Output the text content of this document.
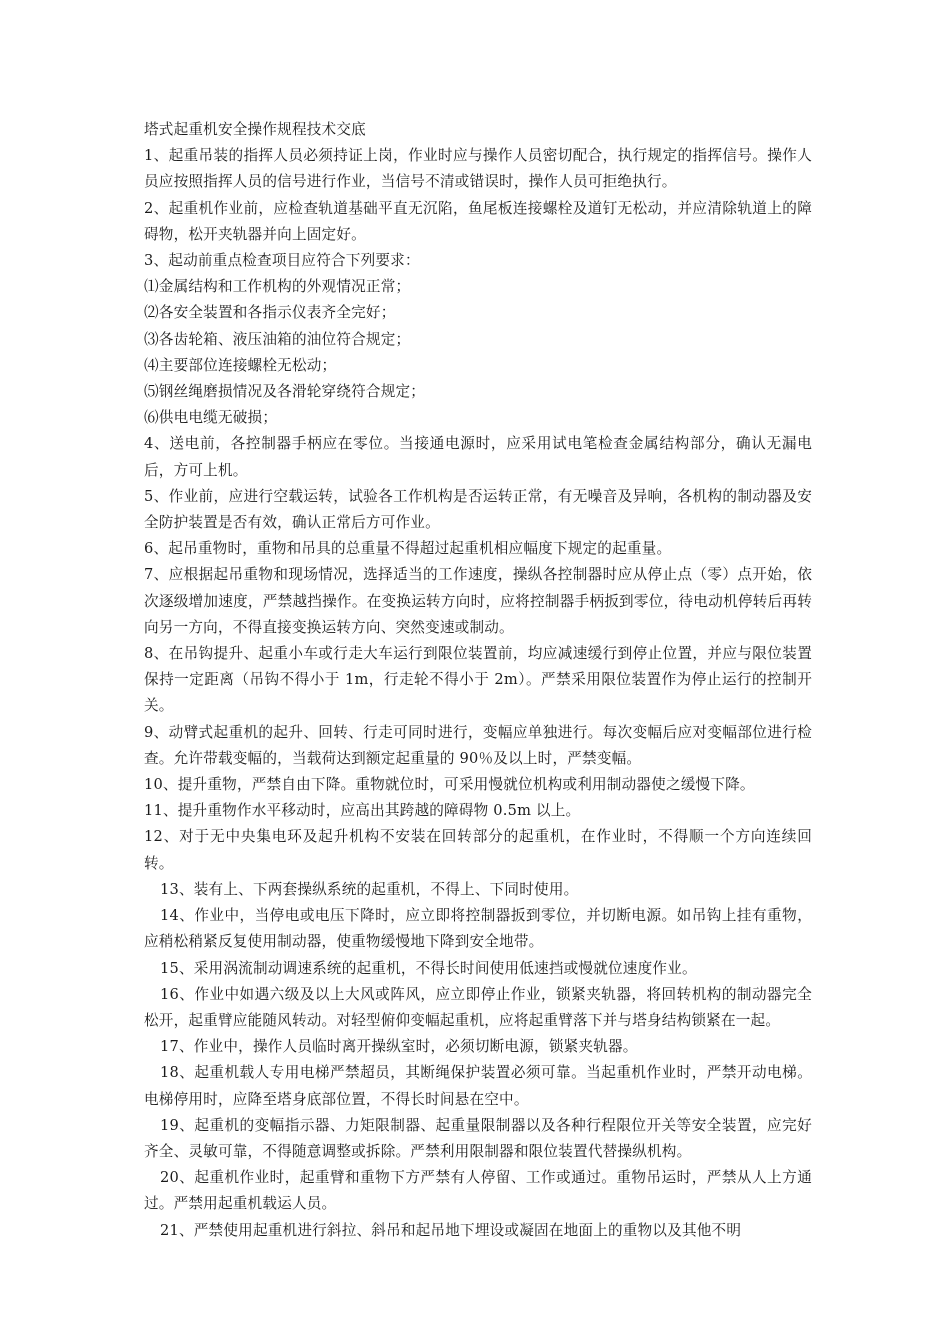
塔式起重机安全操作规程技术交底

1、起重吊装的指挥人员必须持证上岗，作业时应与操作人员密切配合，执行规定的指挥信号。操作人员应按照指挥人员的信号进行作业，当信号不清或错误时，操作人员可拒绝执行。

2、起重机作业前，应检查轨道基础平直无沉陷，鱼尾板连接螺栓及道钉无松动，并应清除轨道上的障碍物，松开夹轨器并向上固定好。

3、起动前重点检查项目应符合下列要求：

⑴金属结构和工作机构的外观情况正常；

⑵各安全装置和各指示仪表齐全完好；

⑶各齿轮箱、液压油箱的油位符合规定；

⑷主要部位连接螺栓无松动；

⑸钢丝绳磨损情况及各滑轮穿绕符合规定；

⑹供电电缆无破损；

4、送电前，各控制器手柄应在零位。当接通电源时，应采用试电笔检查金属结构部分，确认无漏电后，方可上机。

5、作业前，应进行空载运转，试验各工作机构是否运转正常，有无噪音及异响，各机构的制动器及安全防护装置是否有效，确认正常后方可作业。

6、起吊重物时，重物和吊具的总重量不得超过起重机相应幅度下规定的起重量。

7、应根据起吊重物和现场情况，选择适当的工作速度，操纵各控制器时应从停止点（零）点开始，依次逐级增加速度，严禁越挡操作。在变换运转方向时，应将控制器手柄扳到零位，待电动机停转后再转向另一方向，不得直接变换运转方向、突然变速或制动。

8、在吊钩提升、起重小车或行走大车运行到限位装置前，均应减速缓行到停止位置，并应与限位装置保持一定距离（吊钩不得小于 1m，行走轮不得小于 2m）。严禁采用限位装置作为停止运行的控制开关。

9、动臂式起重机的起升、回转、行走可同时进行，变幅应单独进行。每次变幅后应对变幅部位进行检查。允许带载变幅的，当载荷达到额定起重量的 90％及以上时，严禁变幅。

10、提升重物，严禁自由下降。重物就位时，可采用慢就位机构或利用制动器使之缓慢下降。

11、提升重物作水平移动时，应高出其跨越的障碍物 0.5m 以上。

12、对于无中央集电环及起升机构不安装在回转部分的起重机，在作业时，不得顺一个方向连续回转。

13、装有上、下两套操纵系统的起重机，不得上、下同时使用。

14、作业中，当停电或电压下降时，应立即将控制器扳到零位，并切断电源。如吊钩上挂有重物，应稍松稍紧反复使用制动器，使重物缓慢地下降到安全地带。

15、采用涡流制动调速系统的起重机，不得长时间使用低速挡或慢就位速度作业。

16、作业中如遇六级及以上大风或阵风，应立即停止作业，锁紧夹轨器，将回转机构的制动器完全松开，起重臂应能随风转动。对轻型俯仰变幅起重机，应将起重臂落下并与塔身结构锁紧在一起。

17、作业中，操作人员临时离开操纵室时，必须切断电源，锁紧夹轨器。

18、起重机载人专用电梯严禁超员，其断绳保护装置必须可靠。当起重机作业时，严禁开动电梯。电梯停用时，应降至塔身底部位置，不得长时间悬在空中。

19、起重机的变幅指示器、力矩限制器、起重量限制器以及各种行程限位开关等安全装置，应完好齐全、灵敏可靠，不得随意调整或拆除。严禁利用限制器和限位装置代替操纵机构。

20、起重机作业时，起重臂和重物下方严禁有人停留、工作或通过。重物吊运时，严禁从人上方通过。严禁用起重机载运人员。

21、严禁使用起重机进行斜拉、斜吊和起吊地下埋设或凝固在地面上的重物以及其他不明
